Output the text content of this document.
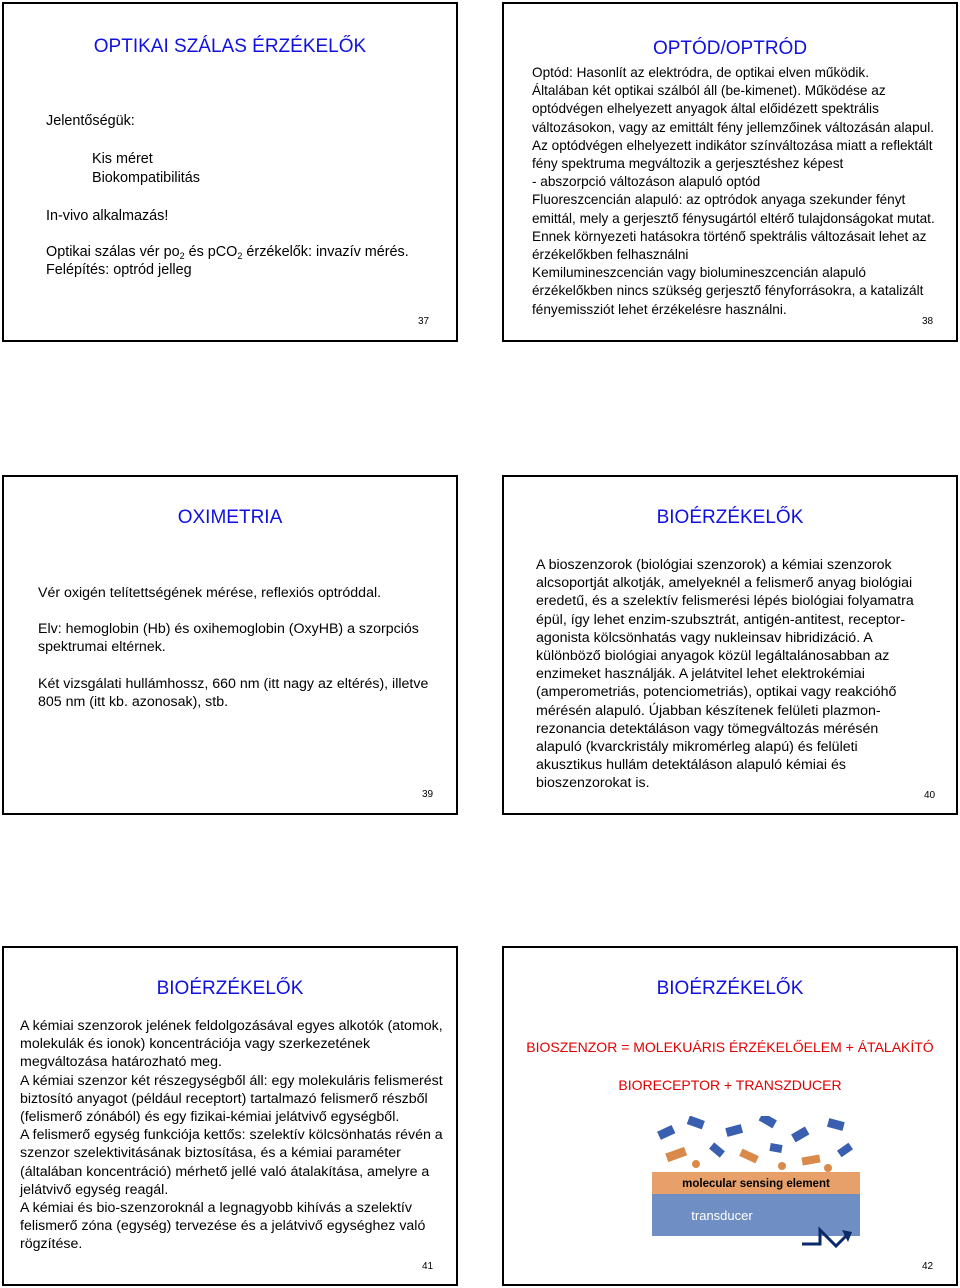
OPTIKAI SZÁLAS ÉRZÉKELŐK
Jelentőségük:
Kis méret
Biokompatibilitás
In-vivo alkalmazás!
Optikai szálas vér $po_2$ és pCO$_2$ érzékelők: invazív mérés.
Felépítés: optród jelleg
37
OPTÓD/OPTRÓD

Optód: Hasonlít az elektródra, de optikai elven működik.

Általában két optikai szálból áll (be-kimenet). Működése az optódvégen elhelyezett anyagok által előidézett spektrális változásokon, vagy az emittált fény jellemzőinek változásán alapul.

Az optódvégen elhelyezett indikátor színváltozása miatt a reflektált fény spektruma megváltozik a gerjesztéshez képest

- abszorpció változáson alapuló optód

Fluoreszcencián alapuló: az optródok anyaga szekunder fényt emittál, mely a gerjesztő fénysugártól eltérő tulajdonságokat mutat. Ennek környezeti hatásokra történő spektrális változásait lehet az érzékelőkben felhasználni

Kemilumineszcencián vagy biolumineszcencián alapuló érzékelőkben nincs szükség gerjesztő fényforrásokra, a katalizált fényemissziót lehet érzékelésre használni.

38
OXIMETRIA

Vér oxigén telítettségének mérése, reflexiós optróddal.

Elv: hemoglobin (Hb) és oxihemoglobin (OxyHB) a szorpciós spektrumai eltérnek.

Két vizsgálati hullámhossz, 660 nm (itt nagy az eltérés), illetve 805 nm (itt kb. azonosak), stb.

39
BIOÉRZÉKELŐK

A bioszenzorok (biológiai szenzorok) a kémiai szenzorok alcsoportját alkotják, amelyeknél a felismerő anyag biológiai eredetű, és a szelektív felismerési lépés biológiai folyamatra épül, így lehet enzim-szubsztrát, antigén-antitest, receptor-agonista kölcsönhatás vagy nukleinsav hibridizáció. A különböző biológiai anyagok közül legáltalánosabban az enzimeket használják. A jelátvitel lehet elektrokémiai (amperometriás, potenciometriás), optikai vagy reakcióhő mérésén alapuló. Újabban készítenek felületi plazmon-rezonancia detektáláson vagy tömegváltozás mérésén alapuló (kvarckristály mikromérleg alapú) és felületi akusztikus hullám detektáláson alapuló kémiai és bioszenzorokat is.

40
BIOÉRZÉKELŐK

A kémiai szenzorok jelének feldolgozásával egyes alkotók (atomok, molekulák és ionok) koncentrációja vagy szerkezetének megváltozása határozható meg.

A kémiai szenzor két részegységből áll: egy molekuláris felismerést biztosító anyagot (például receptort) tartalmazó felismerő részből (felismerő zónából) és egy fizikai-kémiai jelátvivő egységből.

A felismerő egység funkciója kettős: szelektív kölcsönhatás révén a szenzor szelektivitásának biztosítása, és a kémiai paraméter (általában koncentráció) mérhető jellé való átalakítása, amelyre a jelátvivő egység reagál.

A kémiai és bio-szenzoroknál a legnagyobb kihívás a szelektív felismerő zóna (egység) tervezése és a jelátvivő egységhez való rögzítése.

41
BIOÉRZÉKELŐK
BIOSZENZOR = MOLEKUÁRIS ÉRZÉKELŐELEM + ÁTALAKÍTÓ
BIORECEPTOR + TRANSZDUCER
molecular sensing element
transducer
42
